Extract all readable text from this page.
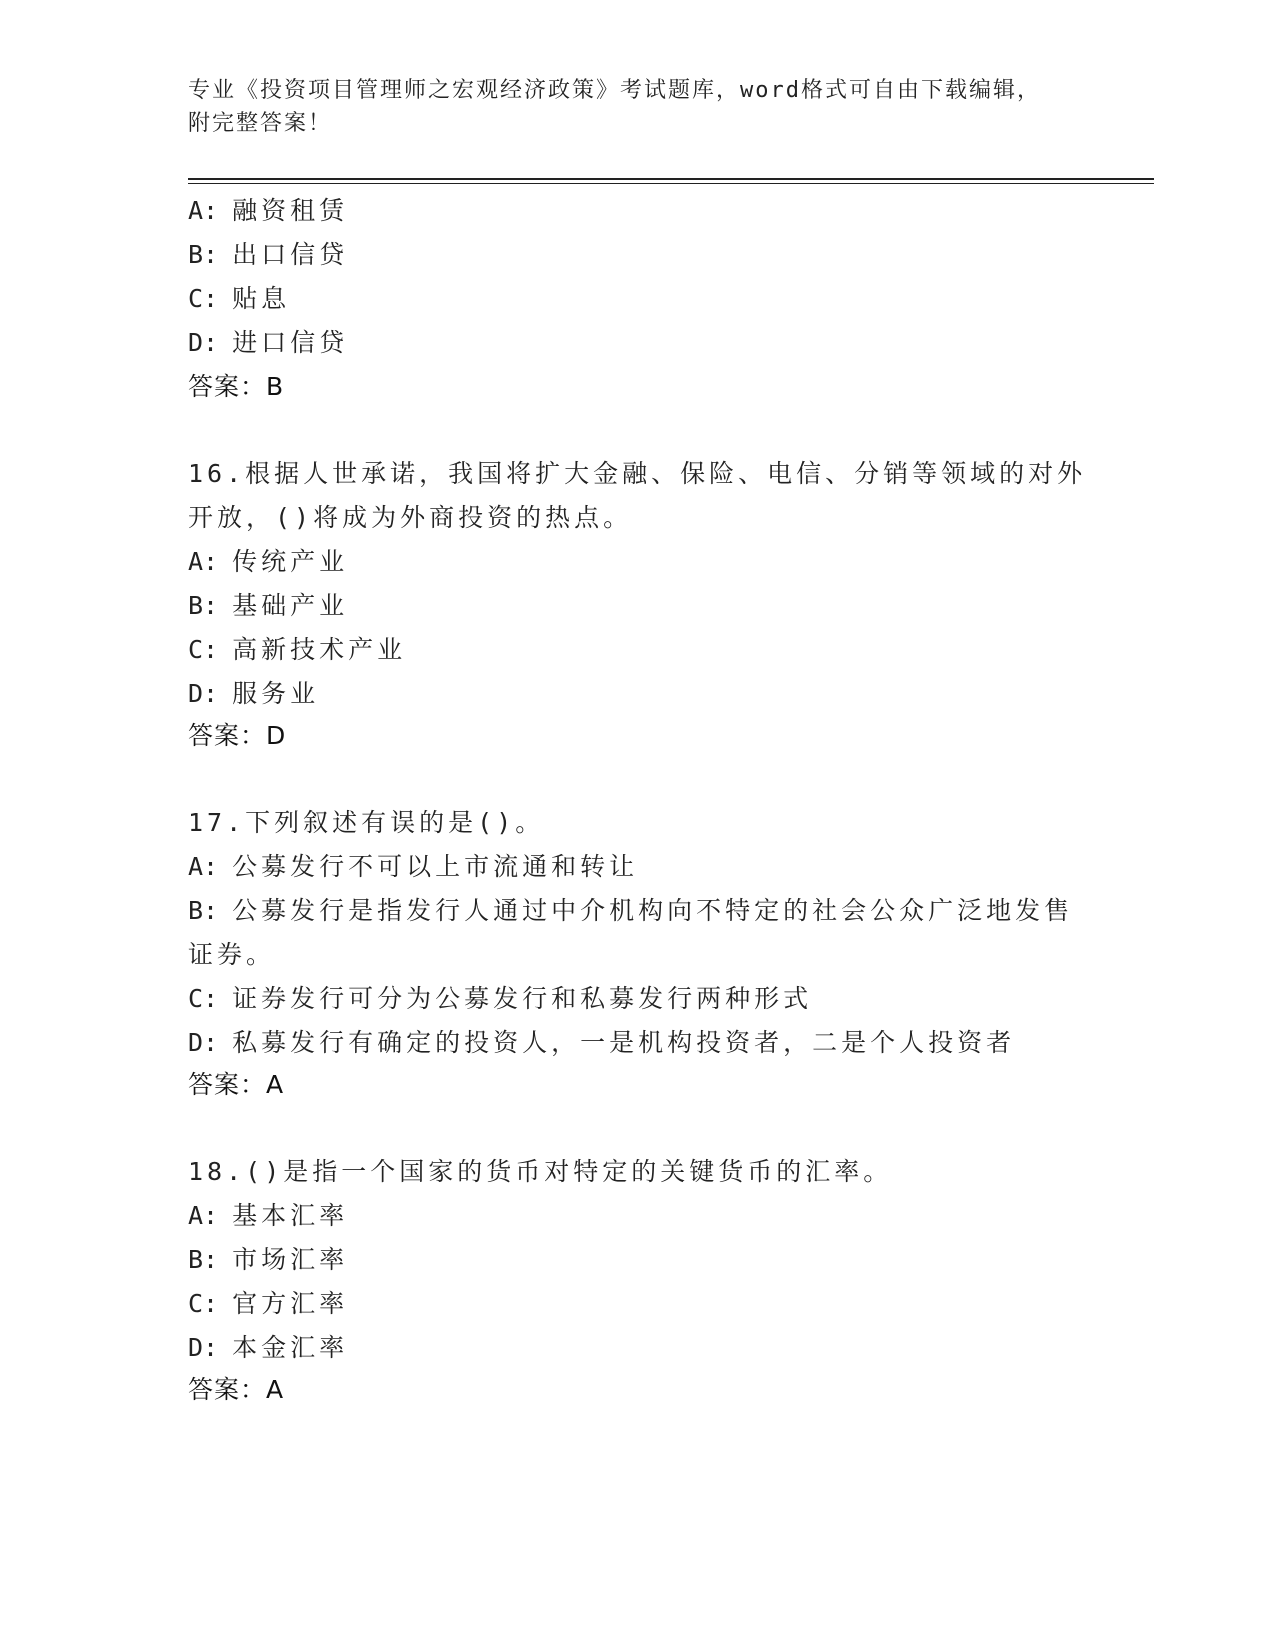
专业《投资项目管理师之宏观经济政策》考试题库，word格式可自由下载编辑，
附完整答案！
A: 融资租赁
B: 出口信贷
C: 贴息
D: 进口信贷
答案：B
16.根据人世承诺，我国将扩大金融、保险、电信、分销等领域的对外
开放，()将成为外商投资的热点。
A: 传统产业
B: 基础产业
C: 高新技术产业
D: 服务业
答案：D
17.下列叙述有误的是()。
A: 公募发行不可以上市流通和转让
B: 公募发行是指发行人通过中介机构向不特定的社会公众广泛地发售
证券。
C: 证券发行可分为公募发行和私募发行两种形式
D: 私募发行有确定的投资人，一是机构投资者，二是个人投资者
答案：A
18.()是指一个国家的货币对特定的关键货币的汇率。
A: 基本汇率
B: 市场汇率
C: 官方汇率
D: 本金汇率
答案：A
